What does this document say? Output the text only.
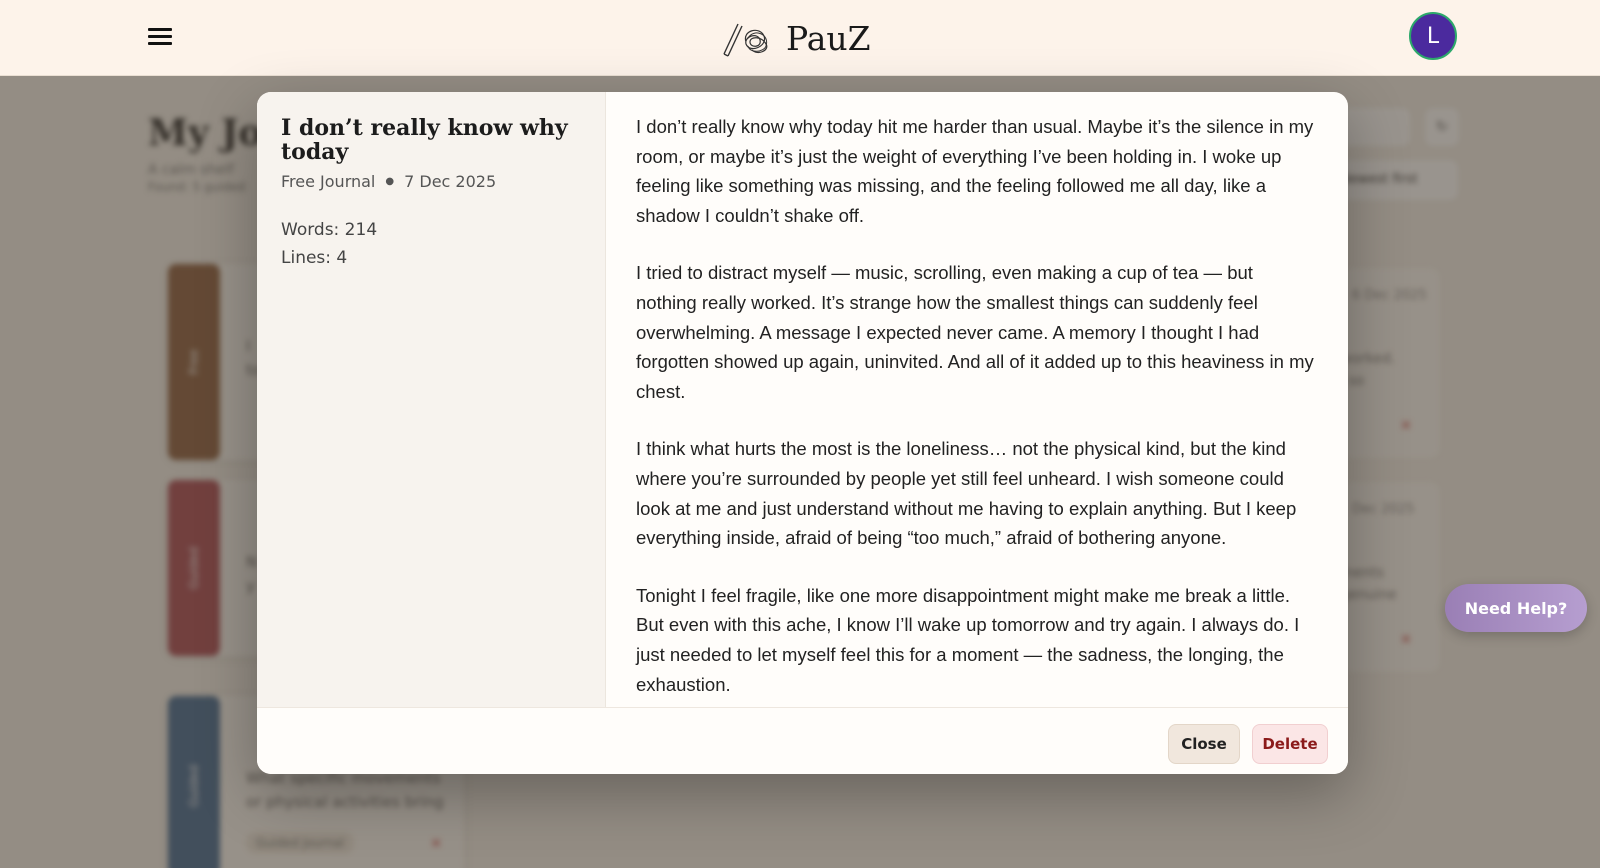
PauZ	L
Need Help?
I don’t really know why today
Free Journal ● 7 Dec 2025
Words: 214
Lines: 4

I don’t really know why today hit me harder than usual. Maybe it’s the silence in my room, or maybe it’s just the weight of everything I’ve been holding in. I woke up feeling like something was missing, and the feeling followed me all day, like a shadow I couldn’t shake off.

I tried to distract myself — music, scrolling, even making a cup of tea — but nothing really worked. It’s strange how the smallest things can suddenly feel overwhelming. A message I expected never came. A memory I thought I had forgotten showed up again, uninvited. And all of it added up to this heaviness in my chest.

I think what hurts the most is the loneliness… not the physical kind, but the kind where you’re surrounded by people yet still feel unheard. I wish someone could look at me and just understand without me having to explain anything. But I keep everything inside, afraid of being “too much,” afraid of bothering anyone.

Tonight I feel fragile, like one more disappointment might make me break a little. But even with this ache, I know I’ll wake up tomorrow and try again. I always do. I just needed to let myself feel this for a moment — the sadness, the longing, the exhaustion.

Close	Delete
